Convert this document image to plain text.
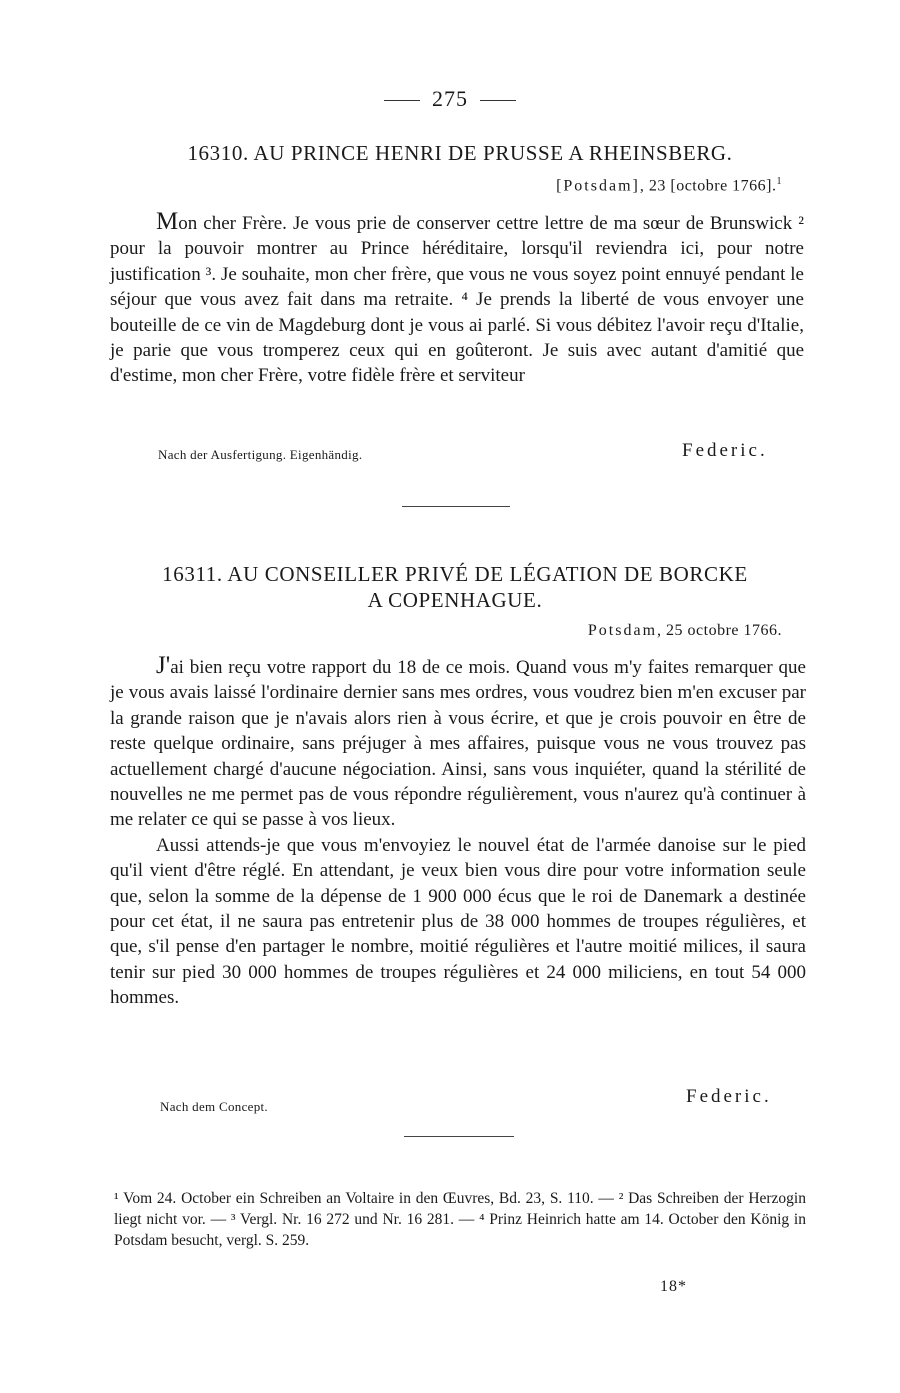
275
16310. AU PRINCE HENRI DE PRUSSE A RHEINSBERG.
[Potsdam], 23 [octobre 1766].$^1$

Mon cher Frère. Je vous prie de conserver cettre lettre de ma sœur de Brunswick ² pour la pouvoir montrer au Prince héréditaire, lorsqu'il reviendra ici, pour notre justification ³. Je souhaite, mon cher frère, que vous ne vous soyez point ennuyé pendant le séjour que vous avez fait dans ma retraite. ⁴ Je prends la liberté de vous envoyer une bouteille de ce vin de Magdeburg dont je vous ai parlé. Si vous débitez l'avoir reçu d'Italie, je parie que vous tromperez ceux qui en goûteront. Je suis avec autant d'amitié que d'estime, mon cher Frère, votre fidèle frère et serviteur

Nach der Ausfertigung. Eigenhändig.	Federic.
16311. AU CONSEILLER PRIVÉ DE LÉGATION DE BORCKE
A COPENHAGUE.
Potsdam, 25 octobre 1766.

J'ai bien reçu votre rapport du 18 de ce mois. Quand vous m'y faites remarquer que je vous avais laissé l'ordinaire dernier sans mes ordres, vous voudrez bien m'en excuser par la grande raison que je n'avais alors rien à vous écrire, et que je crois pouvoir en être de reste quelque ordinaire, sans préjuger à mes affaires, puisque vous ne vous trouvez pas actuellement chargé d'aucune négociation. Ainsi, sans vous inquiéter, quand la stérilité de nouvelles ne me permet pas de vous répondre régulièrement, vous n'aurez qu'à continuer à me relater ce qui se passe à vos lieux.

Aussi attends-je que vous m'envoyiez le nouvel état de l'armée danoise sur le pied qu'il vient d'être réglé. En attendant, je veux bien vous dire pour votre information seule que, selon la somme de la dépense de 1 900 000 écus que le roi de Danemark a destinée pour cet état, il ne saura pas entretenir plus de 38 000 hommes de troupes régulières, et que, s'il pense d'en partager le nombre, moitié régulières et l'autre moitié milices, il saura tenir sur pied 30 000 hommes de troupes régulières et 24 000 miliciens, en tout 54 000 hommes.

Nach dem Concept.	Federic.
¹ Vom 24. October ein Schreiben an Voltaire in den Œuvres, Bd. 23, S. 110. — ² Das Schreiben der Herzogin liegt nicht vor. — ³ Vergl. Nr. 16 272 und Nr. 16 281. — ⁴ Prinz Heinrich hatte am 14. October den König in Potsdam besucht, vergl. S. 259.
18*
